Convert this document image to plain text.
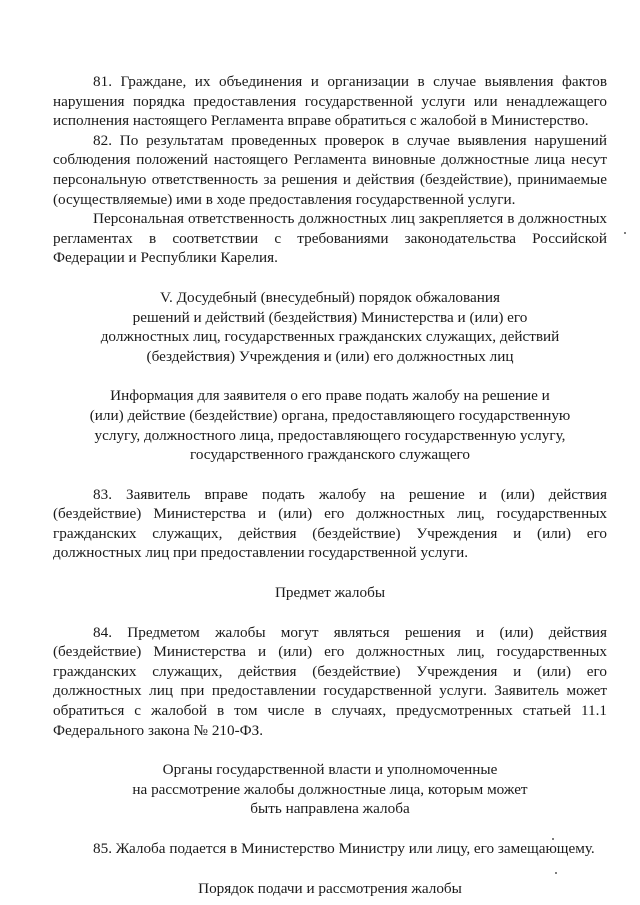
81. Граждане, их объединения и организации в случае выявления фактов нарушения порядка предоставления государственной услуги или ненадлежащего исполнения настоящего Регламента вправе обратиться с жалобой в Министерство.

82. По результатам проведенных проверок в случае выявления нарушений соблюдения положений настоящего Регламента виновные должностные лица несут персональную ответственность за решения и действия (бездействие), принимаемые (осуществляемые) ими в ходе предоставления государственной услуги.

Персональная ответственность должностных лиц закрепляется в должностных регламентах в соответствии с требованиями законодательства Российской Федерации и Республики Карелия.

V. Досудебный (внесудебный) порядок обжалования

решений и действий (бездействия) Министерства и (или) его

должностных лиц, государственных гражданских служащих, действий

(бездействия) Учреждения и (или) его должностных лиц

Информация для заявителя о его праве подать жалобу на решение и

(или) действие (бездействие) органа, предоставляющего государственную

услугу, должностного лица, предоставляющего государственную услугу,

государственного гражданского служащего

83. Заявитель вправе подать жалобу на решение и (или) действия (бездействие) Министерства и (или) его должностных лиц, государственных гражданских служащих, действия (бездействие) Учреждения и (или) его должностных лиц при предоставлении государственной услуги.

Предмет жалобы

84. Предметом жалобы могут являться решения и (или) действия (бездействие) Министерства и (или) его должностных лиц, государственных гражданских служащих, действия (бездействие) Учреждения и (или) его должностных лиц при предоставлении государственной услуги. Заявитель может обратиться с жалобой в том числе в случаях, предусмотренных статьей 11.1 Федерального закона № 210-ФЗ.

Органы государственной власти и уполномоченные

на рассмотрение жалобы должностные лица, которым может

быть направлена жалоба

85. Жалоба подается в Министерство Министру или лицу, его замещающему.

Порядок подачи и рассмотрения жалобы
